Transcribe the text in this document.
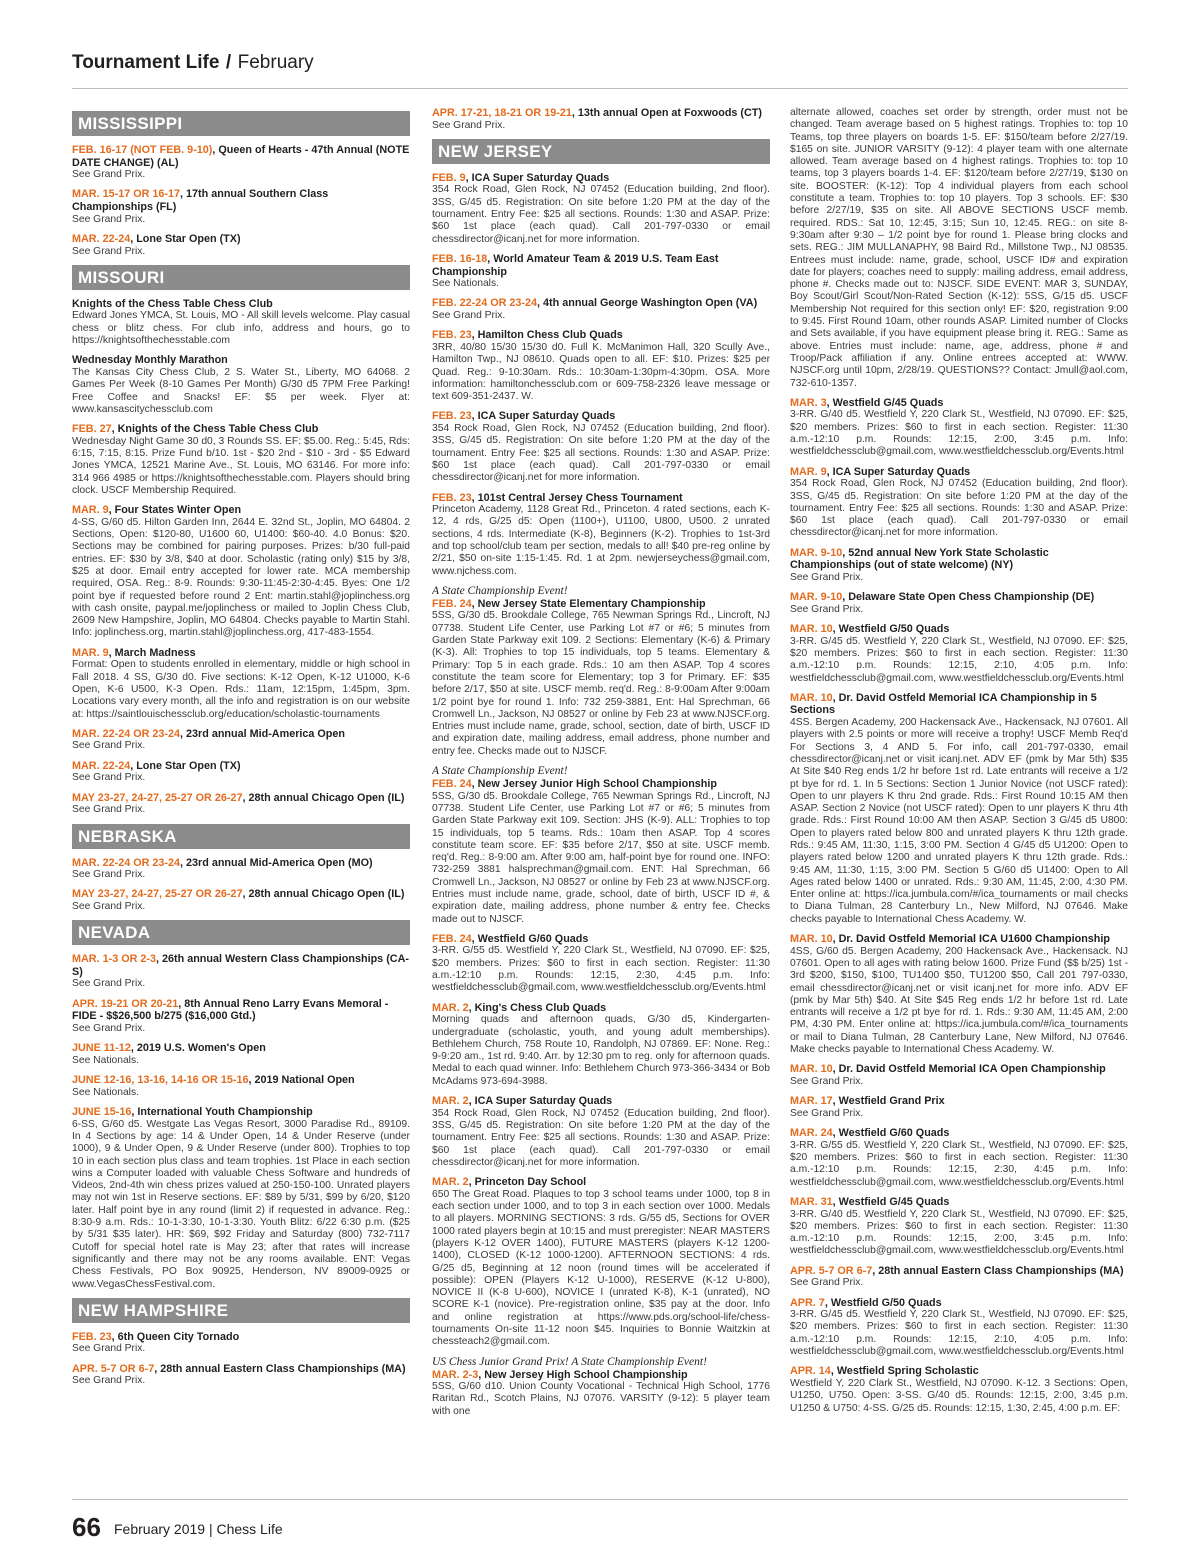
Tournament Life / February
MISSISSIPPI
FEB. 16-17 (NOT FEB. 9-10), Queen of Hearts - 47th Annual (NOTE DATE CHANGE) (AL)
See Grand Prix.
MAR. 15-17 OR 16-17, 17th annual Southern Class Championships (FL)
See Grand Prix.
MAR. 22-24, Lone Star Open (TX)
See Grand Prix.
MISSOURI
Knights of the Chess Table Chess Club
Edward Jones YMCA, St. Louis, MO - All skill levels welcome. Play casual chess or blitz chess. For club info, address and hours, go to https://knightsofthechesstable.com
Wednesday Monthly Marathon
The Kansas City Chess Club, 2 S. Water St., Liberty, MO 64068. 2 Games Per Week (8-10 Games Per Month) G/30 d5 7PM Free Parking! Free Coffee and Snacks! EF: $5 per week. Flyer at: www.kansascitychessclub.com
FEB. 27, Knights of the Chess Table Chess Club
Wednesday Night Game 30 d0, 3 Rounds SS. EF: $5.00. Reg.: 5:45, Rds: 6:15, 7:15, 8:15. Prize Fund b/10. 1st - $20 2nd - $10 - 3rd - $5 Edward Jones YMCA, 12521 Marine Ave., St. Louis, MO 63146. For more info: 314 966 4985 or https://knightsofthechesstable.com. Players should bring clock. USCF Membership Required.
MAR. 9, Four States Winter Open
4-SS, G/60 d5. Hilton Garden Inn, 2644 E. 32nd St., Joplin, MO 64804. 2 Sections, Open: $120-80, U1600 60, U1400: $60-40. 4.0 Bonus: $20. Sections may be combined for pairing purposes. Prizes: b/30 full-paid entries. EF: $30 by 3/8, $40 at door. Scholastic (rating only) $15 by 3/8, $25 at door. Email entry accepted for lower rate. MCA membership required, OSA. Reg.: 8-9. Rounds: 9:30-11:45-2:30-4:45. Byes: One 1/2 point bye if requested before round 2 Ent: martin.stahl@joplinchess.org with cash onsite, paypal.me/joplinchess or mailed to Joplin Chess Club, 2609 New Hampshire, Joplin, MO 64804. Checks payable to Martin Stahl. Info: joplinchess.org, martin.stahl@joplinchess.org, 417-483-1554.
MAR. 9, March Madness
Format: Open to students enrolled in elementary, middle or high school in Fall 2018. 4 SS, G/30 d0. Five sections: K-12 Open, K-12 U1000, K-6 Open, K-6 U500, K-3 Open. Rds.: 11am, 12:15pm, 1:45pm, 3pm. Locations vary every month, all the info and registration is on our website at: https://saintlouischessclub.org/education/scholastic-tournaments
MAR. 22-24 OR 23-24, 23rd annual Mid-America Open
See Grand Prix.
MAR. 22-24, Lone Star Open (TX)
See Grand Prix.
MAY 23-27, 24-27, 25-27 OR 26-27, 28th annual Chicago Open (IL)
See Grand Prix.
NEBRASKA
MAR. 22-24 OR 23-24, 23rd annual Mid-America Open (MO)
See Grand Prix.
MAY 23-27, 24-27, 25-27 OR 26-27, 28th annual Chicago Open (IL)
See Grand Prix.
NEVADA
MAR. 1-3 OR 2-3, 26th annual Western Class Championships (CA-S)
See Grand Prix.
APR. 19-21 OR 20-21, 8th Annual Reno Larry Evans Memoral - FIDE - $$26,500 b/275 ($16,000 Gtd.)
See Grand Prix.
JUNE 11-12, 2019 U.S. Women's Open
See Nationals.
JUNE 12-16, 13-16, 14-16 OR 15-16, 2019 National Open
See Nationals.
JUNE 15-16, International Youth Championship
6-SS, G/60 d5. Westgate Las Vegas Resort, 3000 Paradise Rd., 89109. In 4 Sections by age: 14 & Under Open, 14 & Under Reserve (under 1000), 9 & Under Open, 9 & Under Reserve (under 800). Trophies to top 10 in each section plus class and team trophies. 1st Place in each section wins a Computer loaded with valuable Chess Software and hundreds of Videos, 2nd-4th win chess prizes valued at 250-150-100. Unrated players may not win 1st in Reserve sections. EF: $89 by 5/31, $99 by 6/20, $120 later. Half point bye in any round (limit 2) if requested in advance. Reg.: 8:30-9 a.m. Rds.: 10-1-3:30, 10-1-3:30. Youth Blitz: 6/22 6:30 p.m. ($25 by 5/31 $35 later). HR: $69, $92 Friday and Saturday (800) 732-7117 Cutoff for special hotel rate is May 23; after that rates will increase significantly and there may not be any rooms available. ENT: Vegas Chess Festivals, PO Box 90925, Henderson, NV 89009-0925 or www.VegasChessFestival.com.
NEW HAMPSHIRE
FEB. 23, 6th Queen City Tornado
See Grand Prix.
APR. 5-7 OR 6-7, 28th annual Eastern Class Championships (MA)
See Grand Prix.
APR. 17-21, 18-21 OR 19-21, 13th annual Open at Foxwoods (CT)
See Grand Prix.
NEW JERSEY
FEB. 9, ICA Super Saturday Quads
354 Rock Road, Glen Rock, NJ 07452 (Education building, 2nd floor). 3SS, G/45 d5. Registration: On site before 1:20 PM at the day of the tournament. Entry Fee: $25 all sections. Rounds: 1:30 and ASAP. Prize: $60 1st place (each quad). Call 201-797-0330 or email chessdirector@icanj.net for more information.
FEB. 16-18, World Amateur Team & 2019 U.S. Team East Championship
See Nationals.
FEB. 22-24 OR 23-24, 4th annual George Washington Open (VA)
See Grand Prix.
FEB. 23, Hamilton Chess Club Quads
3RR, 40/80 15/30 15/30 d0. Full K. McManimon Hall, 320 Scully Ave., Hamilton Twp., NJ 08610. Quads open to all. EF: $10. Prizes: $25 per Quad. Reg.: 9-10:30am. Rds.: 10:30am-1:30pm-4:30pm. OSA. More information: hamiltonchessclub.com or 609-758-2326 leave message or text 609-351-2437. W.
FEB. 23, ICA Super Saturday Quads
354 Rock Road, Glen Rock, NJ 07452 (Education building, 2nd floor). 3SS, G/45 d5. Registration: On site before 1:20 PM at the day of the tournament. Entry Fee: $25 all sections. Rounds: 1:30 and ASAP. Prize: $60 1st place (each quad). Call 201-797-0330 or email chessdirector@icanj.net for more information.
FEB. 23, 101st Central Jersey Chess Tournament
Princeton Academy, 1128 Great Rd., Princeton. 4 rated sections, each K-12, 4 rds, G/25 d5: Open (1100+), U1100, U800, U500. 2 unrated sections, 4 rds. Intermediate (K-8), Beginners (K-2). Trophies to 1st-3rd and top school/club team per section, medals to all! $40 pre-reg online by 2/21, $50 on-site 1:15-1:45. Rd. 1 at 2pm. newjerseychess@gmail.com, www.njchess.com.
A State Championship Event!
FEB. 24, New Jersey State Elementary Championship
5SS, G/30 d5. Brookdale College, 765 Newman Springs Rd., Lincroft, NJ 07738. Student Life Center, use Parking Lot #7 or #6; 5 minutes from Garden State Parkway exit 109. 2 Sections: Elementary (K-6) & Primary (K-3). All: Trophies to top 15 individuals, top 5 teams. Elementary & Primary: Top 5 in each grade. Rds.: 10 am then ASAP. Top 4 scores constitute the team score for Elementary; top 3 for Primary. EF: $35 before 2/17, $50 at site. USCF memb. req'd. Reg.: 8-9:00am After 9:00am 1/2 point bye for round 1. Info: 732 259-3881, Ent: Hal Sprechman, 66 Cromwell Ln., Jackson, NJ 08527 or online by Feb 23 at www.NJSCF.org. Entries must include name, grade, school, section, date of birth, USCF ID and expiration date, mailing address, email address, phone number and entry fee. Checks made out to NJSCF.
A State Championship Event!
FEB. 24, New Jersey Junior High School Championship
5SS, G/30 d5. Brookdale College, 765 Newman Springs Rd., Lincroft, NJ 07738. Student Life Center, use Parking Lot #7 or #6; 5 minutes from Garden State Parkway exit 109. Section: JHS (K-9). ALL: Trophies to top 15 individuals, top 5 teams. Rds.: 10am then ASAP. Top 4 scores constitute team score. EF: $35 before 2/17, $50 at site. USCF memb. req'd. Reg.: 8-9:00 am. After 9:00 am, half-point bye for round one. INFO: 732-259 3881 halsprechman@gmail.com. ENT: Hal Sprechman, 66 Cromwell Ln., Jackson, NJ 08527 or online by Feb 23 at www.NJSCF.org. Entries must include name, grade, school, date of birth, USCF ID #, & expiration date, mailing address, phone number & entry fee. Checks made out to NJSCF.
FEB. 24, Westfield G/60 Quads
3-RR. G/55 d5. Westfield Y, 220 Clark St., Westfield, NJ 07090. EF: $25, $20 members. Prizes: $60 to first in each section. Register: 11:30 a.m.-12:10 p.m. Rounds: 12:15, 2:30, 4:45 p.m. Info: westfieldchessclub@gmail.com, www.westfieldchessclub.org/Events.html
MAR. 2, King's Chess Club Quads
Morning quads and afternoon quads, G/30 d5, Kindergarten-undergraduate (scholastic, youth, and young adult memberships). Bethlehem Church, 758 Route 10, Randolph, NJ 07869. EF: None. Reg.: 9-9:20 am., 1st rd. 9:40. Arr. by 12:30 pm to reg. only for afternoon quads. Medal to each quad winner. Info: Bethlehem Church 973-366-3434 or Bob McAdams 973-694-3988.
MAR. 2, ICA Super Saturday Quads
354 Rock Road, Glen Rock, NJ 07452 (Education building, 2nd floor). 3SS, G/45 d5. Registration: On site before 1:20 PM at the day of the tournament. Entry Fee: $25 all sections. Rounds: 1:30 and ASAP. Prize: $60 1st place (each quad). Call 201-797-0330 or email chessdirector@icanj.net for more information.
MAR. 2, Princeton Day School
650 The Great Road. Plaques to top 3 school teams under 1000, top 8 in each section under 1000, and to top 3 in each section over 1000. Medals to all players. MORNING SECTIONS: 3 rds. G/55 d5, Sections for OVER 1000 rated players begin at 10:15 and must preregister: NEAR MASTERS (players K-12 OVER 1400), FUTURE MASTERS (players K-12 1200- 1400), CLOSED (K-12 1000-1200). AFTERNOON SECTIONS: 4 rds. G/25 d5, Beginning at 12 noon (round times will be accelerated if possible): OPEN (Players K-12 U-1000), RESERVE (K-12 U-800), NOVICE II (K-8 U-600), NOVICE I (unrated K-8), K-1 (unrated), NO SCORE K-1 (novice). Pre-registration online, $35 pay at the door. Info and online registration at https://www.pds.org/school-life/chess-tournaments On-site 11-12 noon $45. Inquiries to Bonnie Waitzkin at chessteach2@gmail.com.
US Chess Junior Grand Prix! A State Championship Event!
MAR. 2-3, New Jersey High School Championship
5SS, G/60 d10. Union County Vocational - Technical High School, 1776 Raritan Rd., Scotch Plains, NJ 07076. VARSITY (9-12): 5 player team with one
alternate allowed, coaches set order by strength, order must not be changed. Team average based on 5 highest ratings. Trophies to: top 10 Teams, top three players on boards 1-5. EF: $150/team before 2/27/19. $165 on site. JUNIOR VARSITY (9-12): 4 player team with one alternate allowed. Team average based on 4 highest ratings. Trophies to: top 10 teams, top 3 players boards 1-4. EF: $120/team before 2/27/19, $130 on site. BOOSTER: (K-12): Top 4 individual players from each school constitute a team. Trophies to: top 10 players. Top 3 schools. EF: $30 before 2/27/19, $35 on site. All ABOVE SECTIONS USCF memb. required. RDS.: Sat 10, 12:45, 3:15; Sun 10, 12:45. REG.: on site 8-9:30am after 9:30 – 1/2 point bye for round 1. Please bring clocks and sets. REG.: JIM MULLANAPHY, 98 Baird Rd., Millstone Twp., NJ 08535. Entrees must include: name, grade, school, USCF ID# and expiration date for players; coaches need to supply: mailing address, email address, phone #. Checks made out to: NJSCF. SIDE EVENT: MAR 3, SUNDAY, Boy Scout/Girl Scout/Non-Rated Section (K-12): 5SS, G/15 d5. USCF Membership Not required for this section only! EF: $20, registration 9:00 to 9:45. First Round 10am, other rounds ASAP. Limited number of Clocks and Sets available, if you have equipment please bring it. REG.: Same as above. Entries must include: name, age, address, phone # and Troop/Pack affiliation if any. Online entrees accepted at: WWW. NJSCF.org until 10pm, 2/28/19. QUESTIONS?? Contact: Jmull@aol.com, 732-610-1357.
MAR. 3, Westfield G/45 Quads
3-RR. G/40 d5. Westfield Y, 220 Clark St., Westfield, NJ 07090. EF: $25, $20 members. Prizes: $60 to first in each section. Register: 11:30 a.m.-12:10 p.m. Rounds: 12:15, 2:00, 3:45 p.m. Info: westfieldchessclub@gmail.com, www.westfieldchessclub.org/Events.html
MAR. 9, ICA Super Saturday Quads
354 Rock Road, Glen Rock, NJ 07452 (Education building, 2nd floor). 3SS, G/45 d5. Registration: On site before 1:20 PM at the day of the tournament. Entry Fee: $25 all sections. Rounds: 1:30 and ASAP. Prize: $60 1st place (each quad). Call 201-797-0330 or email chessdirector@icanj.net for more information.
MAR. 9-10, 52nd annual New York State Scholastic Championships (out of state welcome) (NY)
See Grand Prix.
MAR. 9-10, Delaware State Open Chess Championship (DE)
See Grand Prix.
MAR. 10, Westfield G/50 Quads
3-RR. G/45 d5. Westfield Y, 220 Clark St., Westfield, NJ 07090. EF: $25, $20 members. Prizes: $60 to first in each section. Register: 11:30 a.m.-12:10 p.m. Rounds: 12:15, 2:10, 4:05 p.m. Info: westfieldchessclub@gmail.com, www.westfieldchessclub.org/Events.html
MAR. 10, Dr. David Ostfeld Memorial ICA Championship in 5 Sections
4SS. Bergen Academy, 200 Hackensack Ave., Hackensack, NJ 07601. All players with 2.5 points or more will receive a trophy! USCF Memb Req'd For Sections 3, 4 AND 5. For info, call 201-797-0330, email chessdirector@icanj.net or visit icanj.net. ADV EF (pmk by Mar 5th) $35 At Site $40 Reg ends 1/2 hr before 1st rd. Late entrants will receive a 1/2 pt bye for rd. 1. In 5 Sections: Section 1 Junior Novice (not USCF rated): Open to unr players K thru 2nd grade. Rds.: First Round 10:15 AM then ASAP. Section 2 Novice (not USCF rated): Open to unr players K thru 4th grade. Rds.: First Round 10:00 AM then ASAP. Section 3 G/45 d5 U800: Open to players rated below 800 and unrated players K thru 12th grade. Rds.: 9:45 AM, 11:30, 1:15, 3:00 PM. Section 4 G/45 d5 U1200: Open to players rated below 1200 and unrated players K thru 12th grade. Rds.: 9:45 AM, 11:30, 1:15, 3:00 PM. Section 5 G/60 d5 U1400: Open to All Ages rated below 1400 or unrated. Rds.: 9:30 AM, 11:45, 2:00, 4:30 PM. Enter online at: https://ica.jumbula.com/#/ica_tournaments or mail checks to Diana Tulman, 28 Canterbury Ln., New Milford, NJ 07646. Make checks payable to International Chess Academy. W.
MAR. 10, Dr. David Ostfeld Memorial ICA U1600 Championship
4SS, G/60 d5. Bergen Academy, 200 Hackensack Ave., Hackensack. NJ 07601. Open to all ages with rating below 1600. Prize Fund ($$ b/25) 1st - 3rd $200, $150, $100, TU1400 $50, TU1200 $50, Call 201 797-0330, email chessdirector@icanj.net or visit icanj.net for more info. ADV EF (pmk by Mar 5th) $40. At Site $45 Reg ends 1/2 hr before 1st rd. Late entrants will receive a 1/2 pt bye for rd. 1. Rds.: 9:30 AM, 11:45 AM, 2:00 PM, 4:30 PM. Enter online at: https://ica.jumbula.com/#/ica_tournaments or mail to Diana Tulman, 28 Canterbury Lane, New Milford, NJ 07646. Make checks payable to International Chess Academy. W.
MAR. 10, Dr. David Ostfeld Memorial ICA Open Championship
See Grand Prix.
MAR. 17, Westfield Grand Prix
See Grand Prix.
MAR. 24, Westfield G/60 Quads
3-RR. G/55 d5. Westfield Y, 220 Clark St., Westfield, NJ 07090. EF: $25, $20 members. Prizes: $60 to first in each section. Register: 11:30 a.m.-12:10 p.m. Rounds: 12:15, 2:30, 4:45 p.m. Info: westfieldchessclub@gmail.com, www.westfieldchessclub.org/Events.html
MAR. 31, Westfield G/45 Quads
3-RR. G/40 d5. Westfield Y, 220 Clark St., Westfield, NJ 07090. EF: $25, $20 members. Prizes: $60 to first in each section. Register: 11:30 a.m.-12:10 p.m. Rounds: 12:15, 2:00, 3:45 p.m. Info: westfieldchessclub@gmail.com, www.westfieldchessclub.org/Events.html
APR. 5-7 OR 6-7, 28th annual Eastern Class Championships (MA)
See Grand Prix.
APR. 7, Westfield G/50 Quads
3-RR. G/45 d5. Westfield Y, 220 Clark St., Westfield, NJ 07090. EF: $25, $20 members. Prizes: $60 to first in each section. Register: 11:30 a.m.-12:10 p.m. Rounds: 12:15, 2:10, 4:05 p.m. Info: westfieldchessclub@gmail.com, www.westfieldchessclub.org/Events.html
APR. 14, Westfield Spring Scholastic
Westfield Y, 220 Clark St., Westfield, NJ 07090. K-12. 3 Sections: Open, U1250, U750. Open: 3-SS. G/40 d5. Rounds: 12:15, 2:00, 3:45 p.m. U1250 & U750: 4-SS. G/25 d5. Rounds: 12:15, 1:30, 2:45, 4:00 p.m. EF:
66 February 2019 | Chess Life
